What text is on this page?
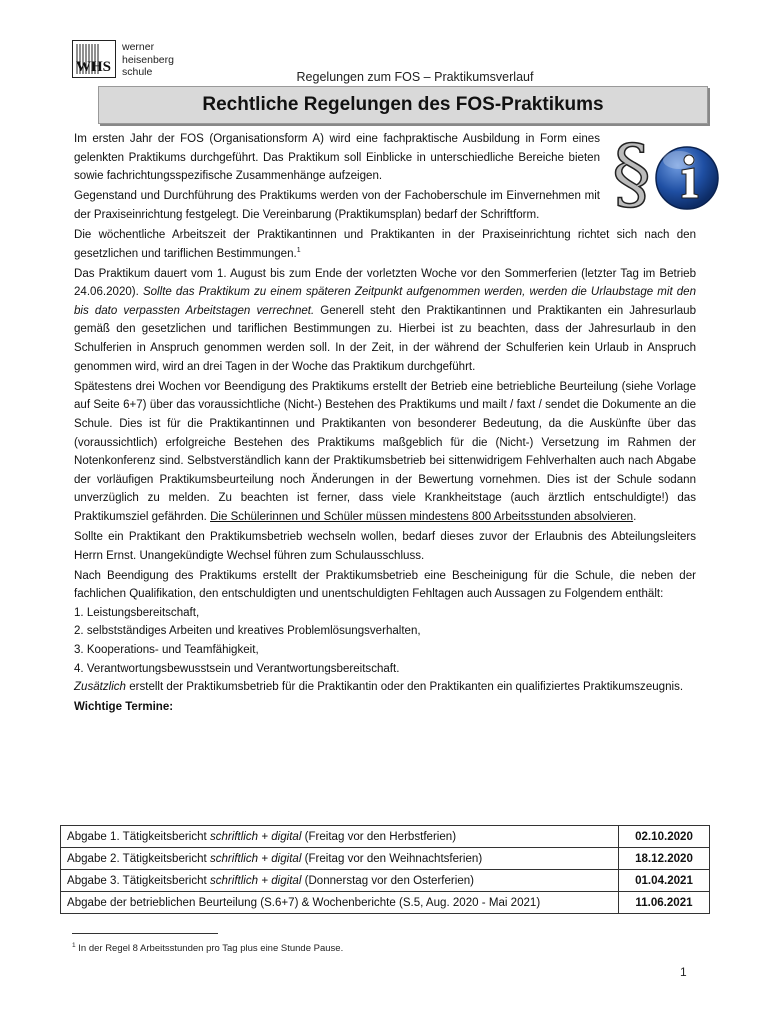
WHS
werner
heisenberg
schule	Regelungen zum FOS – Praktikumsverlauf
Rechtliche Regelungen des FOS-Praktikums
§

Im ersten Jahr der FOS (Organisationsform A) wird eine fachpraktische Ausbildung in Form eines gelenkten Praktikums durchgeführt. Das Praktikum soll Einblicke in unterschiedliche Bereiche bieten sowie fachrichtungsspezifische Zusammenhänge aufzeigen.

Gegenstand und Durchführung des Praktikums werden von der Fachoberschule im Einvernehmen mit der Praxiseinrichtung festgelegt. Die Vereinbarung (Praktikumsplan) bedarf der Schriftform.

Die wöchentliche Arbeitszeit der Praktikantinnen und Praktikanten in der Praxiseinrichtung richtet sich nach den gesetzlichen und tariflichen Bestimmungen.$^1$

Das Praktikum dauert vom 1. August bis zum Ende der vorletzten Woche vor den Sommerferien (letzter Tag im Betrieb 24.06.2020). Sollte das Praktikum zu einem späteren Zeitpunkt aufgenommen werden, werden die Urlaubstage mit den bis dato verpassten Arbeitstagen verrechnet. Generell steht den Praktikantinnen und Praktikanten ein Jahresurlaub gemäß den gesetzlichen und tariflichen Bestimmungen zu. Hierbei ist zu beachten, dass der Jahresurlaub in den Schulferien in Anspruch genommen werden soll. In der Zeit, in der während der Schulferien kein Urlaub in Anspruch genommen wird, wird an drei Tagen in der Woche das Praktikum durchgeführt.

Spätestens drei Wochen vor Beendigung des Praktikums erstellt der Betrieb eine betriebliche Beurteilung (siehe Vorlage auf Seite 6+7) über das voraussichtliche (Nicht-) Bestehen des Praktikums und mailt / faxt / sendet die Dokumente an die Schule. Dies ist für die Praktikantinnen und Praktikanten von besonderer Bedeutung, da die Auskünfte über das (voraussichtlich) erfolgreiche Bestehen des Praktikums maßgeblich für die (Nicht-) Versetzung im Rahmen der Notenkonferenz sind. Selbstverständlich kann der Praktikumsbetrieb bei sittenwidrigem Fehlverhalten auch nach Abgabe der vorläufigen Praktikumsbeurteilung noch Änderungen in der Bewertung vornehmen. Dies ist der Schule sodann unverzüglich zu melden. Zu beachten ist ferner, dass viele Krankheitstage (auch ärztlich entschuldigte!) das Praktikumsziel gefährden. Die Schülerinnen und Schüler müssen mindestens 800 Arbeitsstunden absolvieren.

Sollte ein Praktikant den Praktikumsbetrieb wechseln wollen, bedarf dieses zuvor der Erlaubnis des Abteilungsleiters Herrn Ernst. Unangekündigte Wechsel führen zum Schulausschluss.

Nach Beendigung des Praktikums erstellt der Praktikumsbetrieb eine Bescheinigung für die Schule, die neben der fachlichen Qualifikation, den entschuldigten und unentschuldigten Fehltagen auch Aussagen zu Folgendem enthält:

1. Leistungsbereitschaft,
2. selbstständiges Arbeiten und kreatives Problemlösungsverhalten,
3. Kooperations- und Teamfähigkeit,
4. Verantwortungsbewusstsein und Verantwortungsbereitschaft.

Zusätzlich erstellt der Praktikumsbetrieb für die Praktikantin oder den Praktikanten ein qualifiziertes Praktikumszeugnis.

Wichtige Termine:
Abgabe 1. Tätigkeitsbericht schriftlich + digital (Freitag vor den Herbstferien)	02.10.2020
Abgabe 2. Tätigkeitsbericht schriftlich + digital (Freitag vor den Weihnachtsferien)	18.12.2020
Abgabe 3. Tätigkeitsbericht schriftlich + digital (Donnerstag vor den Osterferien)	01.04.2021
Abgabe der betrieblichen Beurteilung (S.6+7) & Wochenberichte (S.5, Aug. 2020 - Mai 2021)	11.06.2021
$^1$ In der Regel 8 Arbeitsstunden pro Tag plus eine Stunde Pause.
1
